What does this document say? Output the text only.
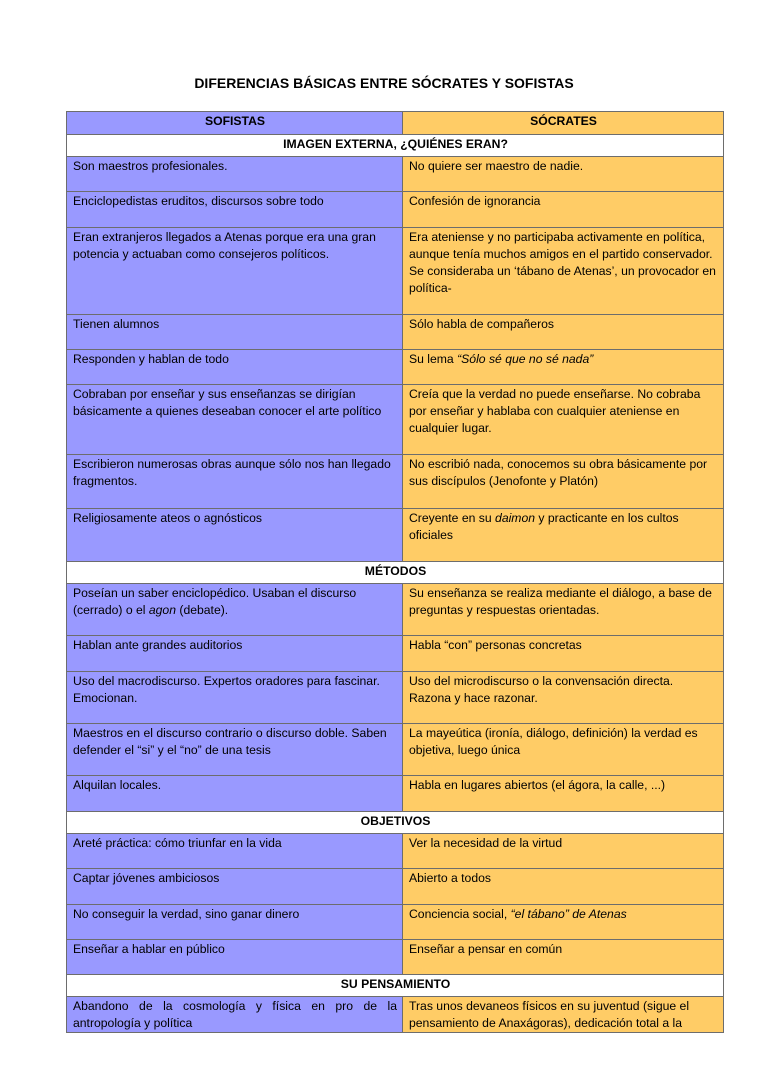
DIFERENCIAS BÁSICAS ENTRE SÓCRATES Y SOFISTAS
SOFISTAS	SÓCRATES
IMAGEN EXTERNA, ¿QUIÉNES ERAN?	
Son maestros profesionales.	No quiere ser maestro de nadie.
Enciclopedistas eruditos, discursos sobre todo	Confesión de ignorancia
Eran extranjeros llegados a Atenas porque era una gran potencia y actuaban como consejeros políticos.	Era ateniense y no participaba activamente en política, aunque tenía muchos amigos en el partido conservador. Se consideraba un ‘tábano de Atenas’, un provocador en política-
Tienen alumnos	Sólo habla de compañeros
Responden y hablan de todo	Su lema “Sólo sé que no sé nada”
Cobraban por enseñar y sus enseñanzas se dirigían básicamente a quienes deseaban conocer el arte político	Creía que la verdad no puede enseñarse. No cobraba por enseñar y hablaba con cualquier ateniense en cualquier lugar.
Escribieron numerosas obras aunque sólo nos han llegado fragmentos.	No escribió nada, conocemos su obra básicamente por sus discípulos (Jenofonte y Platón)
Religiosamente ateos o agnósticos	Creyente en su daimon y practicante en los cultos oficiales
MÉTODOS	
Poseían un saber enciclopédico. Usaban el discurso (cerrado) o el agon (debate).	Su enseñanza se realiza mediante el diálogo, a base de preguntas y respuestas orientadas.
Hablan ante grandes auditorios	Habla “con” personas concretas
Uso del macrodiscurso. Expertos oradores para fascinar. Emocionan.	Uso del microdiscurso o la convensación directa. Razona y hace razonar.
Maestros en el discurso contrario o discurso doble. Saben defender el “si” y el “no” de una tesis	La mayeútica (ironía, diálogo, definición) la verdad es objetiva, luego única
Alquilan locales.	Habla en lugares abiertos (el ágora, la calle, ...)
OBJETIVOS	
Areté práctica: cómo triunfar en la vida	Ver la necesidad de la virtud
Captar jóvenes ambiciosos	Abierto a todos
No conseguir la verdad, sino ganar dinero	Conciencia social, “el tábano” de Atenas
Enseñar a hablar en público	Enseñar a pensar en común
SU PENSAMIENTO	
Abandono de la cosmología y física en pro de la antropología y política	Tras unos devaneos físicos en su juventud (sigue el pensamiento de Anaxágoras), dedicación total a la
